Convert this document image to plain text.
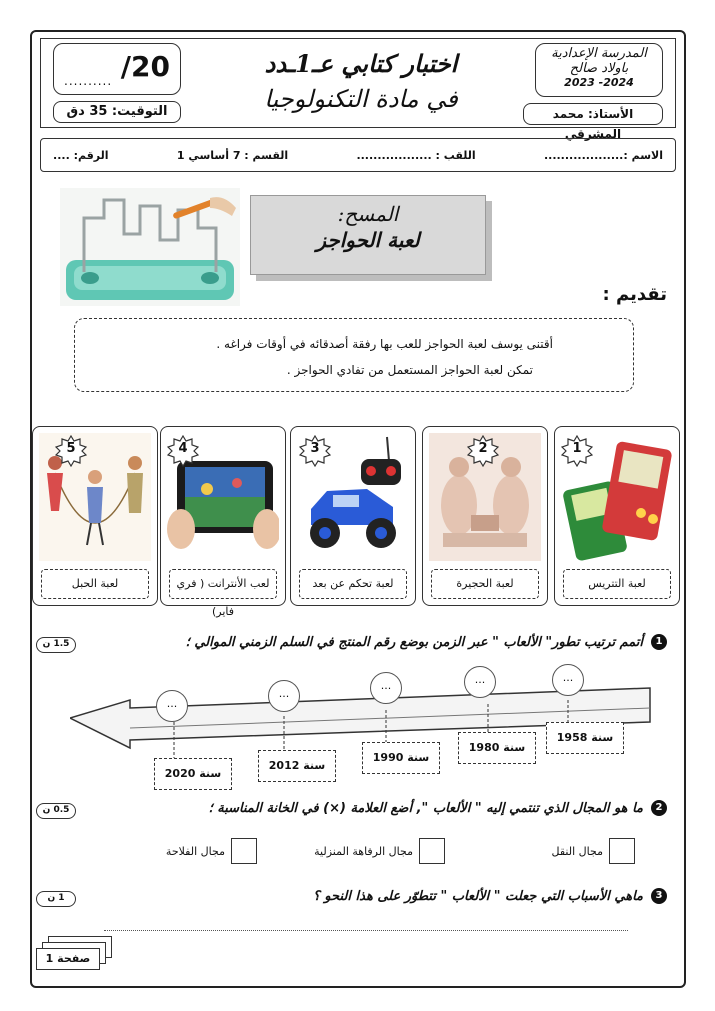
.......... /20
التوقيت: 35 دق
اختبار كتابي عـ1ـدد
في مادة التكنولوجيا
المدرسة الإعدادية
باولاد صالح
2024- 2023
الأستاذ: محمد المشرقي
الاسم :...................
اللقب : ..................
القسم : 7 أساسي 1
الرقم: ....
المسح:
لعبة الحواجز
تقديم :

أقتنى يوسف لعبة الحواجز للعب بها رفقة أصدقائه في أوقات فراغه .

تمكن لعبة الحواجز المستعمل من تفادي الحواجز .

1
لعبة التتريس
2
لعبة الحجيرة
3
لعبة تحكم عن بعد
4
لعب الأنترانت ( فري فاير)
5
لعبة الحبل
1
أتمم ترتيب تطور" الألعاب " عبر الزمن بوضع رقم المنتج في السلم الزمني الموالي ؛
1.5 ن
...
...
...
...
...
سنة 1958
سنة 1980
سنة 1990
سنة 2012
سنة 2020
2
ما هو المجال الذي تنتمي إليه " الألعاب ", أضع العلامة (×) في الخانة المناسبة ؛
0.5 ن
مجال النقل
مجال الرفاهة المنزلية
مجال الفلاحة
3
ماهي الأسباب التي جعلت " الألعاب " تتطوّر على هذا النحو ؟
1 ن
صفحة 1
